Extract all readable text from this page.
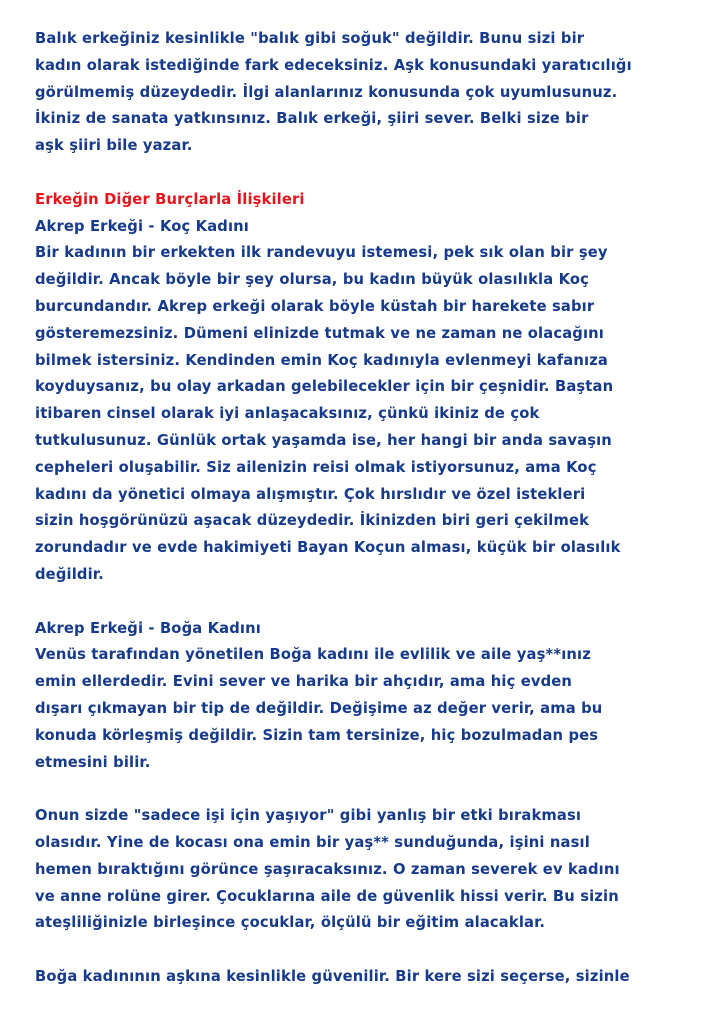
Balık erkeğiniz kesinlikle "balık gibi soğuk" değildir. Bunu sizi bir
kadın olarak istediğinde fark edeceksiniz. Aşk konusundaki yaratıcılığı
görülmemiş düzeydedir. İlgi alanlarınız konusunda çok uyumlusunuz.
İkiniz de sanata yatkınsınız. Balık erkeği, şiiri sever. Belki size bir
aşk şiiri bile yazar.
Erkeğin Diğer Burçlarla İlişkileri
Akrep Erkeği - Koç Kadını
Bir kadının bir erkekten ilk randevuyu istemesi, pek sık olan bir şey
değildir. Ancak böyle bir şey olursa, bu kadın büyük olasılıkla Koç
burcundandır. Akrep erkeği olarak böyle küstah bir harekete sabır
gösteremezsiniz. Dümeni elinizde tutmak ve ne zaman ne olacağını
bilmek istersiniz. Kendinden emin Koç kadınıyla evlenmeyi kafanıza
koyduysanız, bu olay arkadan gelebilecekler için bir çeşnidir. Baştan
itibaren cinsel olarak iyi anlaşacaksınız, çünkü ikiniz de çok
tutkulusunuz. Günlük ortak yaşamda ise, her hangi bir anda savaşın
cepheleri oluşabilir. Siz ailenizin reisi olmak istiyorsunuz, ama Koç
kadını da yönetici olmaya alışmıştır. Çok hırslıdır ve özel istekleri
sizin hoşgörünüzü aşacak düzeydedir. İkinizden biri geri çekilmek
zorundadır ve evde hakimiyeti Bayan Koçun alması, küçük bir olasılık
değildir.
Akrep Erkeği - Boğa Kadını
Venüs tarafından yönetilen Boğa kadını ile evlilik ve aile yaş**ınız
emin ellerdedir. Evini sever ve harika bir ahçıdır, ama hiç evden
dışarı çıkmayan bir tip de değildir. Değişime az değer verir, ama bu
konuda körleşmiş değildir. Sizin tam tersinize, hiç bozulmadan pes
etmesini bilir.
Onun sizde "sadece işi için yaşıyor" gibi yanlış bir etki bırakması
olasıdır. Yine de kocası ona emin bir yaş** sunduğunda, işini nasıl
hemen bıraktığını görünce şaşıracaksınız. O zaman severek ev kadını
ve anne rolüne girer. Çocuklarına aile de güvenlik hissi verir. Bu sizin
ateşliliğinizle birleşince çocuklar, ölçülü bir eğitim alacaklar.
Boğa kadınının aşkına kesinlikle güvenilir. Bir kere sizi seçerse, sizinle
